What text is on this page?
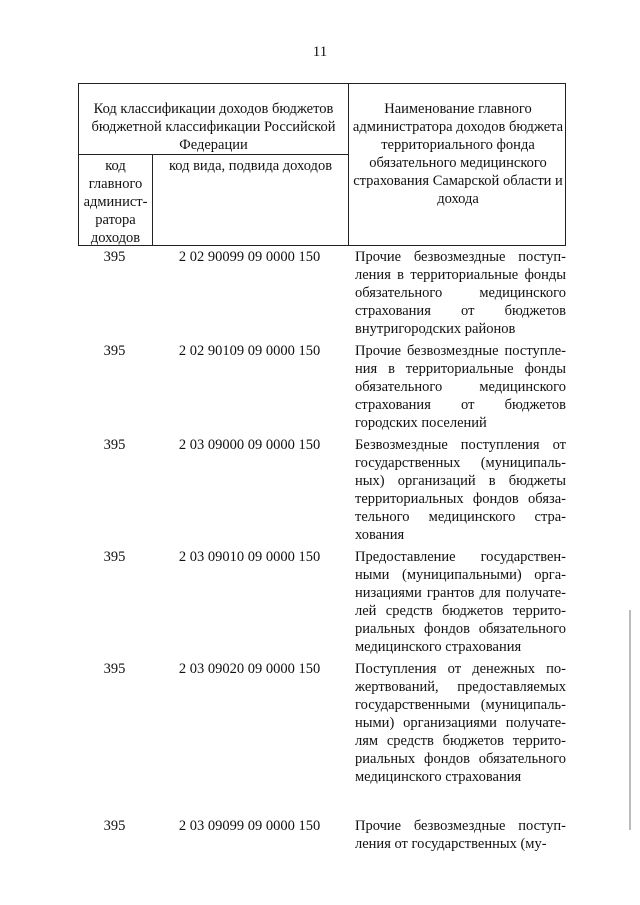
11
Код классификации доходов бюджетов бюджетной классификации Российской Федерации
Наименование главного администратора доходов бюджета территориального фонда обязательного медицинского страхования Самарской области и дохода
код главного админист-ратора доходов
код вида, подвида доходов
395	2 02 90099 09 0000 150	Прочие безвозмездные поступ-ления в территориальные фонды обязательного медицинского страхования от бюджетов внутригородских районов
395	2 02 90109 09 0000 150	Прочие безвозмездные поступле-ния в территориальные фонды обязательного медицинского страхования от бюджетов городских поселений
395	2 03 09000 09 0000 150	Безвозмездные поступления от государственных (муниципаль-ных) организаций в бюджеты территориальных фондов обяза-тельного медицинского стра-хования
395	2 03 09010 09 0000 150	Предоставление государствен-ными (муниципальными) орга-низациями грантов для получате-лей средств бюджетов террито-риальных фондов обязательного медицинского страхования
395	2 03 09020 09 0000 150	Поступления от денежных по-жертвований, предоставляемых государственными (муниципаль-ными) организациями получате-лям средств бюджетов террито-риальных фондов обязательного медицинского страхования
395	2 03 09099 09 0000 150	Прочие безвозмездные поступ-ления от государственных (му-
